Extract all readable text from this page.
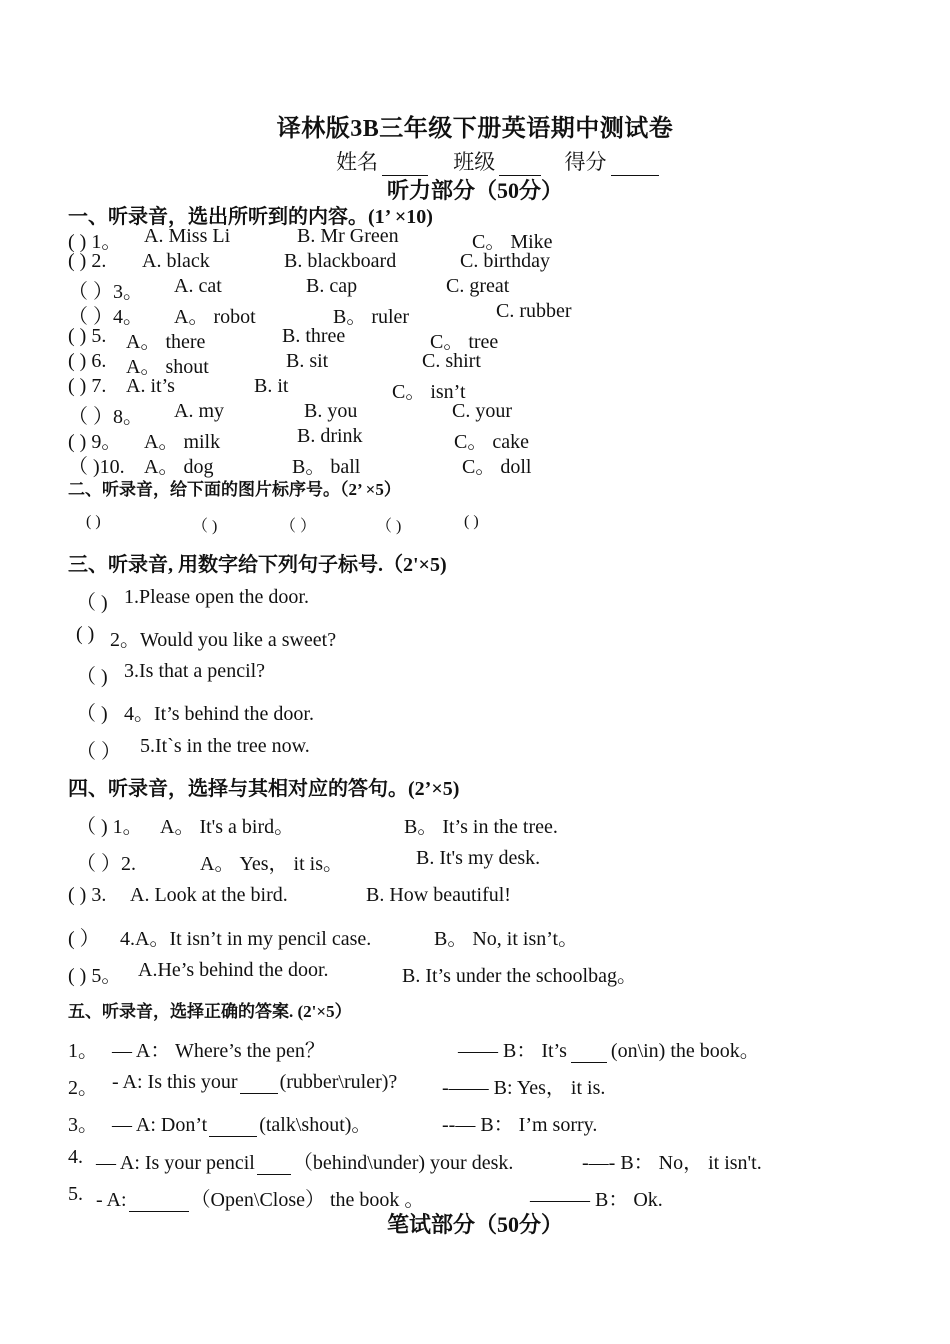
译林版3B三年级下册英语期中测试卷
姓名	班级	得分
听力部分（50分）
一、听录音，选出所听到的内容。(1’ ×10)
( ) 1。 A. Miss Li	B. Mr Green	C。 Mike
( ) 2. A. black	B. blackboard	C. birthday
（ ）3。 A. cat	B. cap	C. great
（ ）4。 A。 robot	B。 ruler	C. rubber
( ) 5. A。 there	B. three	C。 tree
( ) 6. A。 shout	B. sit	C. shirt
( ) 7. A. it’s	B. it	C。 isn’t
（ ）8。 A. my	B. you	C. your
( ) 9。 A。 milk	B. drink	C。 cake
（ )10. A。 dog	B。 ball	C。 doll
二、听录音，给下面的图片标序号。（2’ ×5）
( )	（ )	（ ）	（ )	( )
三、听录音, 用数字给下列句子标号.（2'×5)
（ ) 1.Please open the door.
( ) 2。Would you like a sweet?
（ ) 3.Is that a pencil?
（ ) 4。It’s behind the door.
（ ） 5.It`s in the tree now.
四、听录音，选择与其相对应的答句。(2’×5)
（ ) 1。 A。 It's a bird。	B。 It’s in the tree.
（ ）2.	A。 Yes， it is。	B. It's my desk.
( ) 3. A. Look at the bird.	B. How beautiful!
( ） 4.A。It isn’t in my pencil case.	B。 No, it isn’t。
( ) 5。 A.He’s behind the door.	B. It’s under the schoolbag。
五、听录音，选择正确的答案. (2'×5）
1。 — A： Where’s the pen？	—— B： It’s (on\in) the book。
2。 - A: Is this your (rubber\ruler)? -—— B: Yes， it is.
3。 — A: Don’t	(talk\shout)。	--— B： I’m sorry.
4. — A: Is your pencil （behind\under) your desk.	-—- B： No， it isn't.
5. - A:	（Open\Close） the book 。	——— B： Ok.
笔试部分（50分）
